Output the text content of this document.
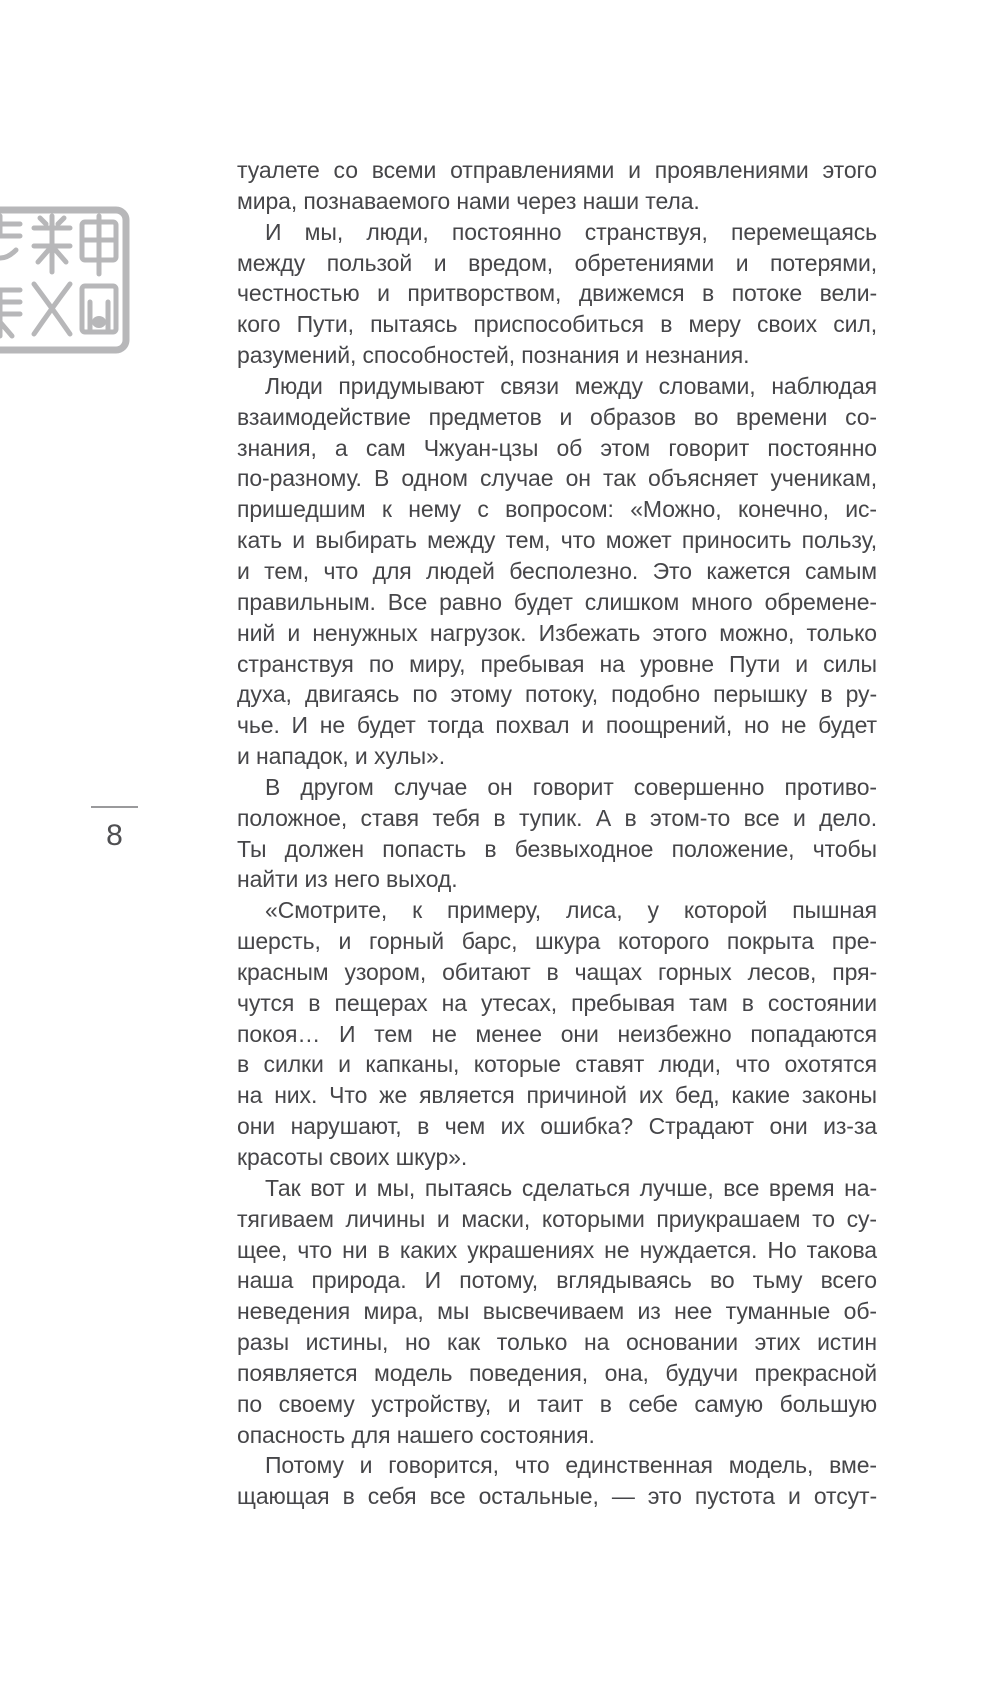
8
туалете со всеми отправлениями и проявлениями этого
мира, познаваемого нами через наши тела.
И мы, люди, постоянно странствуя, перемещаясь
между пользой и вредом, обретениями и потерями,
честностью и притворством, движемся в потоке вели-
кого Пути, пытаясь приспособиться в меру своих сил,
разумений, способностей, познания и незнания.
Люди придумывают связи между словами, наблюдая
взаимодействие предметов и образов во времени со-
знания, а сам Чжуан-цзы об этом говорит постоянно
по-разному. В одном случае он так объясняет ученикам,
пришедшим к нему с вопросом: «Можно, конечно, ис-
кать и выбирать между тем, что может приносить пользу,
и тем, что для людей бесполезно. Это кажется самым
правильным. Все равно будет слишком много обремене-
ний и ненужных нагрузок. Избежать этого можно, только
странствуя по миру, пребывая на уровне Пути и силы
духа, двигаясь по этому потоку, подобно перышку в ру-
чье. И не будет тогда похвал и поощрений, но не будет
и нападок, и хулы».
В другом случае он говорит совершенно противо-
положное, ставя тебя в тупик. А в этом-то все и дело.
Ты должен попасть в безвыходное положение, чтобы
найти из него выход.
«Смотрите, к примеру, лиса, у которой пышная
шерсть, и горный барс, шкура которого покрыта пре-
красным узором, обитают в чащах горных лесов, пря-
чутся в пещерах на утесах, пребывая там в состоянии
покоя… И тем не менее они неизбежно попадаются
в силки и капканы, которые ставят люди, что охотятся
на них. Что же является причиной их бед, какие законы
они нарушают, в чем их ошибка? Страдают они из-за
красоты своих шкур».
Так вот и мы, пытаясь сделаться лучше, все время на-
тягиваем личины и маски, которыми приукрашаем то су-
щее, что ни в каких украшениях не нуждается. Но такова
наша природа. И потому, вглядываясь во тьму всего
неведения мира, мы высвечиваем из нее туманные об-
разы истины, но как только на основании этих истин
появляется модель поведения, она, будучи прекрасной
по своему устройству, и таит в себе самую большую
опасность для нашего состояния.
Потому и говорится, что единственная модель, вме-
щающая в себя все остальные, — это пустота и отсут-
